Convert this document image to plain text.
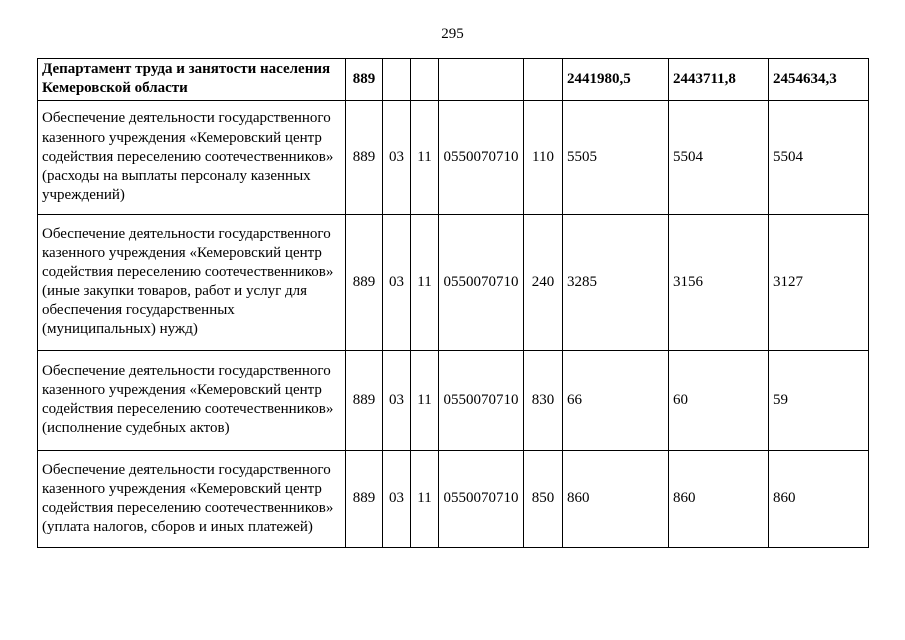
295
Департамент труда и занятости населения Кемеровской области	889					2441980,5	2443711,8	2454634,3
Обеспечение деятельности государственного казенного учреждения «Кемеровский центр содействия переселению соотечественников» (расходы на выплаты персоналу казенных учреждений)	889	03	11	0550070710	110	5505	5504	5504
Обеспечение деятельности государственного казенного учреждения «Кемеровский центр содействия переселению соотечественников» (иные закупки товаров, работ и услуг для обеспечения государственных (муниципальных) нужд)	889	03	11	0550070710	240	3285	3156	3127
Обеспечение деятельности государственного казенного учреждения «Кемеровский центр содействия переселению соотечественников» (исполнение судебных актов)	889	03	11	0550070710	830	66	60	59
Обеспечение деятельности государственного казенного учреждения «Кемеровский центр содействия переселению соотечественников» (уплата налогов, сборов и иных платежей)	889	03	11	0550070710	850	860	860	860
